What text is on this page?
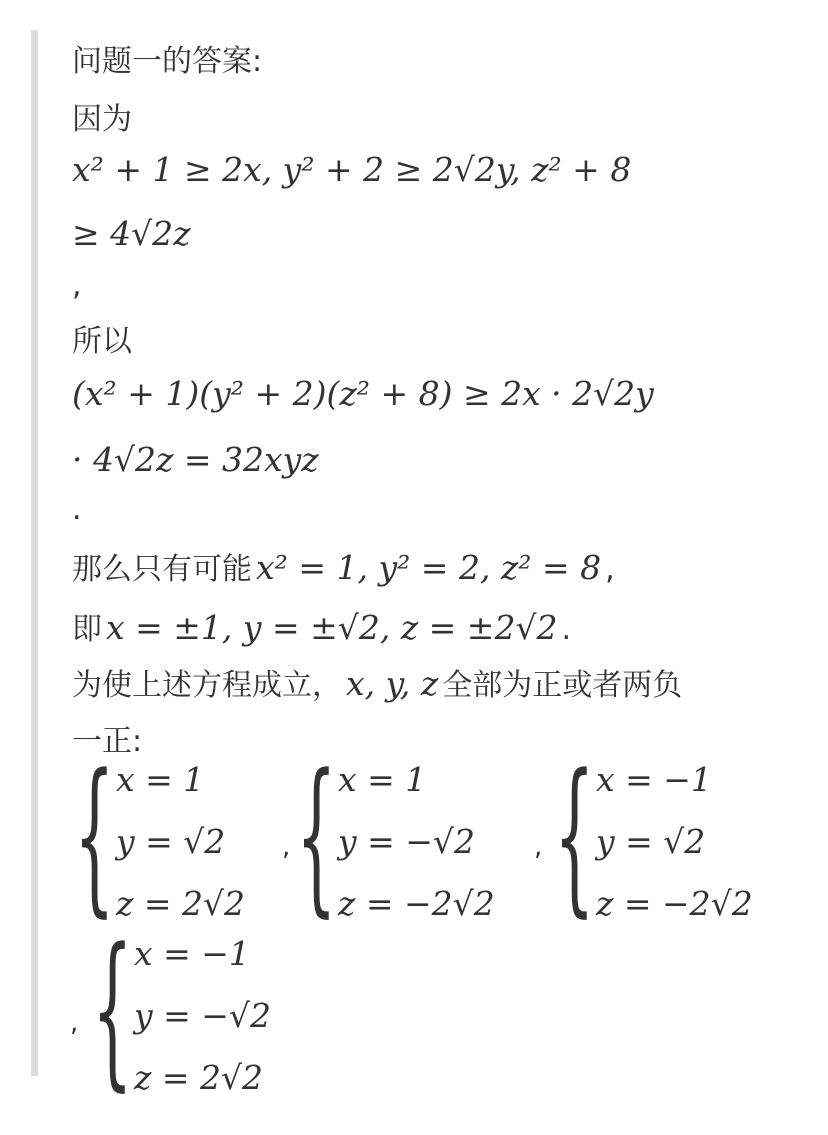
问题一的答案:
因为
x² + 1 ≥ 2x, y² + 2 ≥ 2√2y, z² + 8
≥ 4√2z
,
所以
(x² + 1)(y² + 2)(z² + 8) ≥ 2x · 2√2y
· 4√2z = 32xyz
.
那么只有可能 x² = 1, y² = 2, z² = 8 ,
即 x = ±1, y = ±√2, z = ±2√2 .
为使上述方程成立， x, y, z 全部为正或者两负
一正:
{ x = 1
y = √2
z = 2√2
, { x = 1
y = −√2
z = −2√2
, { x = −1
y = √2
z = −2√2
, { x = −1
y = −√2
z = 2√2
